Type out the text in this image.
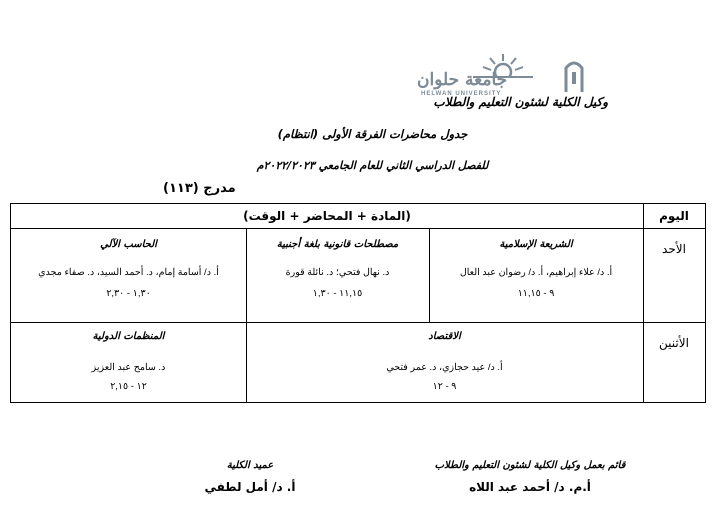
جامعة حلوان
HELWAN UNIVERSITY
وكيل الكلية لشئون التعليم والطلاب
جدول محاضرات الفرقة الأولى (انتظام)
للفصل الدراسي الثاني للعام الجامعي ٢٠٢٢/٢٠٢٣م
مدرج (١١٣)
اليوم
(المادة + المحاضر + الوقت)
الأحد
الشريعة الإسلامية
أ. د/ علاء إبراهيم، أ. د/ رضوان عبد العال
٩ - ١١,١٥
مصطلحات قانونية بلغة أجنبية
د. نهال فتحي؛ د. نائلة قورة
١١,١٥ - ١,٣٠
الحاسب الآلي
أ. د/ أسامة إمام، د. أحمد السيد، د. صفاء مجدي
١,٣٠ - ٢,٣٠
الأثنين
الاقتصاد
أ. د/ عيد حجازي، د. عمر فتحي
٩ - ١٢
المنظمات الدولية
د. سامح عبد العزيز
١٢ - ٢,١٥
عميد الكلية
أ. د/ أمل لطفي
قائم بعمل وكيل الكلية لشئون التعليم والطلاب
أ.م. د/ أحمد عبد اللاه
